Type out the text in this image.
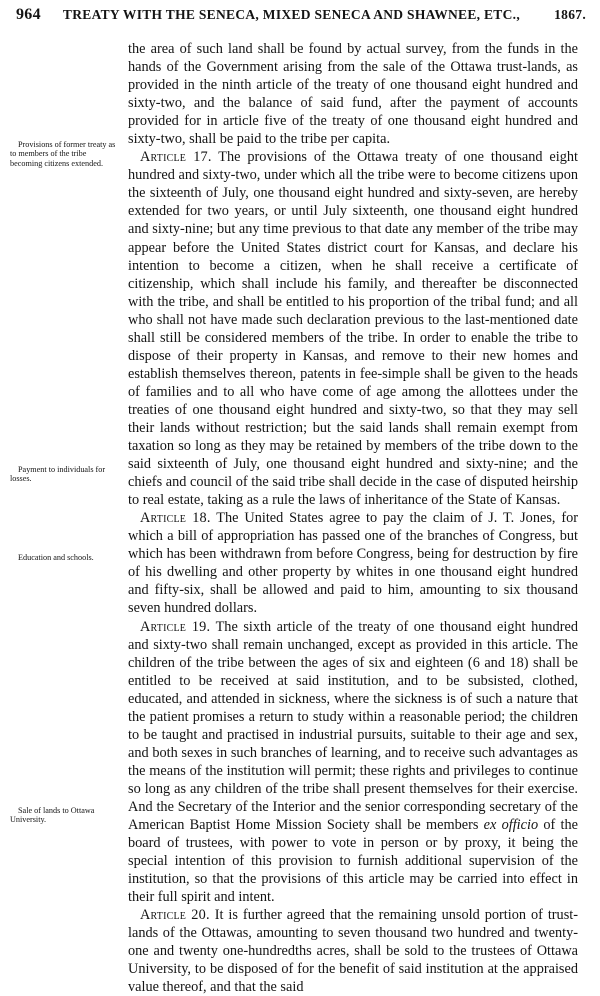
964 TREATY WITH THE SENECA, MIXED SENECA AND SHAWNEE, ETC.,	1867.
Provisions of former treaty as to members of the tribe becoming citizens extended.
Payment to individuals for losses.
Education and schools.
Sale of lands to Ottawa University.

the area of such land shall be found by actual survey, from the funds in the hands of the Government arising from the sale of the Ottawa trust-lands, as provided in the ninth article of the treaty of one thousand eight hundred and sixty-two, and the balance of said fund, after the payment of accounts provided for in article five of the treaty of one thousand eight hundred and sixty-two, shall be paid to the tribe per capita.

Article 17. The provisions of the Ottawa treaty of one thousand eight hundred and sixty-two, under which all the tribe were to become citizens upon the sixteenth of July, one thousand eight hundred and sixty-seven, are hereby extended for two years, or until July sixteenth, one thousand eight hundred and sixty-nine; but any time previous to that date any member of the tribe may appear before the United States district court for Kansas, and declare his intention to become a citizen, when he shall receive a certificate of citizenship, which shall include his family, and thereafter be disconnected with the tribe, and shall be entitled to his proportion of the tribal fund; and all who shall not have made such declaration previous to the last-mentioned date shall still be considered members of the tribe. In order to enable the tribe to dispose of their property in Kansas, and remove to their new homes and establish themselves thereon, patents in fee-simple shall be given to the heads of families and to all who have come of age among the allottees under the treaties of one thousand eight hundred and sixty-two, so that they may sell their lands without restriction; but the said lands shall remain exempt from taxation so long as they may be retained by members of the tribe down to the said sixteenth of July, one thousand eight hundred and sixty-nine; and the chiefs and council of the said tribe shall decide in the case of disputed heirship to real estate, taking as a rule the laws of inheritance of the State of Kansas.

Article 18. The United States agree to pay the claim of J. T. Jones, for which a bill of appropriation has passed one of the branches of Congress, but which has been withdrawn from before Congress, being for destruction by fire of his dwelling and other property by whites in one thousand eight hundred and fifty-six, shall be allowed and paid to him, amounting to six thousand seven hundred dollars.

Article 19. The sixth article of the treaty of one thousand eight hundred and sixty-two shall remain unchanged, except as provided in this article. The children of the tribe between the ages of six and eighteen (6 and 18) shall be entitled to be received at said institution, and to be subsisted, clothed, educated, and attended in sickness, where the sickness is of such a nature that the patient promises a return to study within a reasonable period; the children to be taught and practised in industrial pursuits, suitable to their age and sex, and both sexes in such branches of learning, and to receive such advantages as the means of the institution will permit; these rights and privileges to continue so long as any children of the tribe shall present themselves for their exercise. And the Secretary of the Interior and the senior corresponding secretary of the American Baptist Home Mission Society shall be members ex officio of the board of trustees, with power to vote in person or by proxy, it being the special intention of this provision to furnish additional supervision of the institution, so that the provisions of this article may be carried into effect in their full spirit and intent.

Article 20. It is further agreed that the remaining unsold portion of trust-lands of the Ottawas, amounting to seven thousand two hundred and twenty-one and twenty one-hundredths acres, shall be sold to the trustees of Ottawa University, to be disposed of for the benefit of said institution at the appraised value thereof, and that the said
